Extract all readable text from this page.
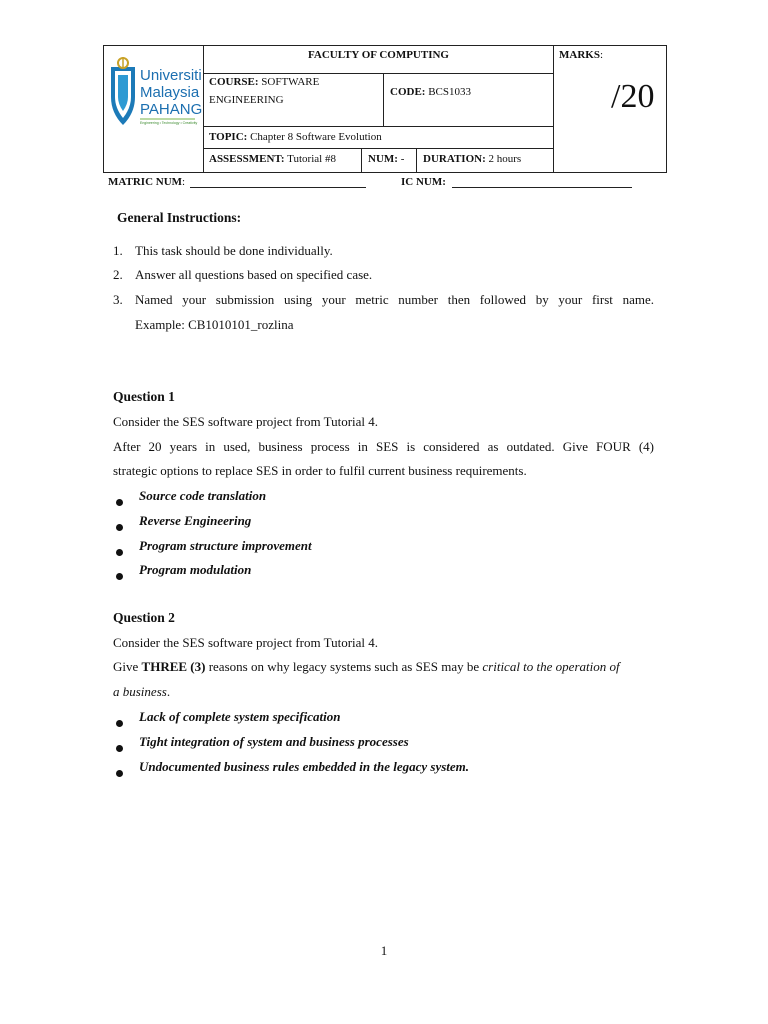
Universiti
Malaysia
PAHANG
Engineering • Technology • Creativity
FACULTY OF COMPUTING	MARKS:
/20
COURSE: SOFTWARE
ENGINEERING
CODE: BCS1033
TOPIC: Chapter 8 Software Evolution
ASSESSMENT: Tutorial #8	NUM: - DURATION: 2 hours
MATRIC NUM:	IC NUM:
General Instructions:
1. This task should be done individually.
2. Answer all questions based on specified case.
3. Named your submission using your metric number then followed by your first name.
Example: CB1010101_rozlina
Question 1
Consider the SES software project from Tutorial 4.
After 20 years in used, business process in SES is considered as outdated. Give FOUR (4)
strategic options to replace SES in order to fulfil current business requirements.
Source code translation
Reverse Engineering
Program structure improvement
Program modulation
Question 2
Consider the SES software project from Tutorial 4.
Give THREE (3) reasons on why legacy systems such as SES may be critical to the operation of
a business.
Lack of complete system specification
Tight integration of system and business processes
Undocumented business rules embedded in the legacy system.
1
